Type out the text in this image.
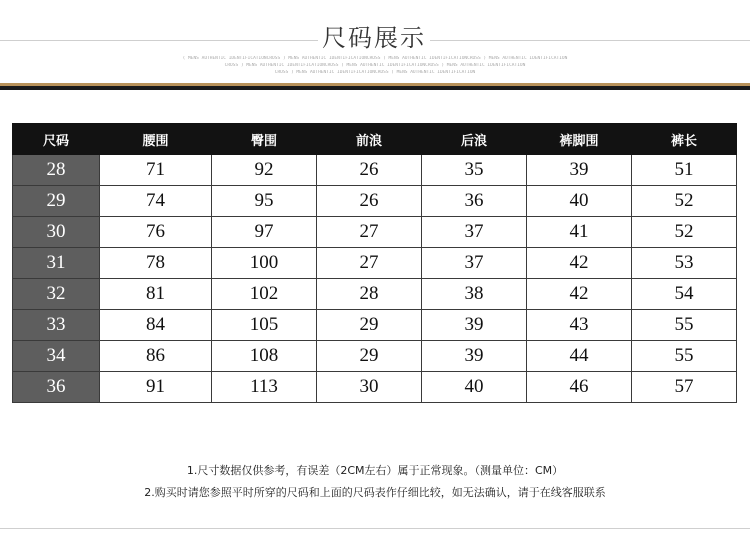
尺码展示
( MENS AUTHENTIC IDENTIFICATIONCROSS ) MENS AUTHENTIC IDENTIFICATIONCROSS ) MENS AUTHENTIC IDENTIFICATIONCROSS ) MENS AUTHENTIC IDENTIFICATION
CROSS ) MENS AUTHENTIC IDENTIFICATIONCROSS ) MENS AUTHENTIC IDENTIFICATIONCROSS ) MENS AUTHENTIC IDENTIFICATION
CROSS ) MENS AUTHENTIC IDENTIFICATIONCROSS ) MENS AUTHENTIC IDENTIFICATION
尺码	腰围	臀围	前浪	后浪	裤脚围	裤长
28	71	92	26	35	39	51
29	74	95	26	36	40	52
30	76	97	27	37	41	52
31	78	100	27	37	42	53
32	81	102	28	38	42	54
33	84	105	29	39	43	55
34	86	108	29	39	44	55
36	91	113	30	40	46	57
1.尺寸数据仅供参考，有误差（2CM左右）属于正常现象。（测量单位：CM）
2.购买时请您参照平时所穿的尺码和上面的尺码表作仔细比较，如无法确认，请于在线客服联系
